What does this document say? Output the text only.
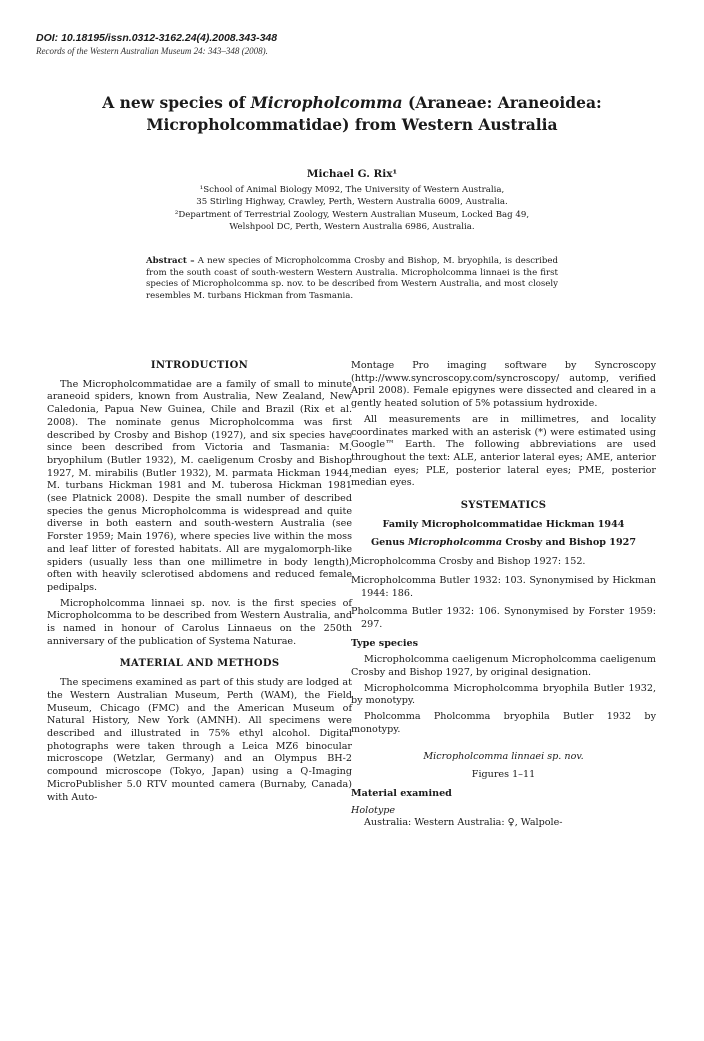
DOI: 10.18195/issn.0312-3162.24(4).2008.343-348
Records of the Western Australian Museum 24: 343–348 (2008).
A new species of Micropholcomma (Araneae: Araneoidea:
Micropholcommatidae) from Western Australia
Michael G. Rix¹
¹School of Animal Biology M092, The University of Western Australia,
35 Stirling Highway, Crawley, Perth, Western Australia 6009, Australia.
²Department of Terrestrial Zoology, Western Australian Museum, Locked Bag 49,
Welshpool DC, Perth, Western Australia 6986, Australia.
Abstract – A new species of Micropholcomma Crosby and Bishop, M. bryophila, is described from the south coast of south-western Western Australia. Micropholcomma linnaei is the first species of Micropholcomma sp. nov. to be described from Western Australia, and most closely resembles M. turbans Hickman from Tasmania.
INTRODUCTION

The Micropholcommatidae are a family of small to minute araneoid spiders, known from Australia, New Zealand, New Caledonia, Papua New Guinea, Chile and Brazil (Rix et al. 2008). The nominate genus Micropholcomma was first described by Crosby and Bishop (1927), and six species have since been described from Victoria and Tasmania: M. bryophilum (Butler 1932), M. caeligenum Crosby and Bishop 1927, M. mirabilis (Butler 1932), M. parmata Hickman 1944, M. turbans Hickman 1981 and M. tuberosa Hickman 1981 (see Platnick 2008). Despite the small number of described species the genus Micropholcomma is widespread and quite diverse in both eastern and south-western Australia (see Forster 1959; Main 1976), where species live within the moss and leaf litter of forested habitats. All are mygalomorph-like spiders (usually less than one millimetre in body length), often with heavily sclerotised abdomens and reduced female pedipalps.

Micropholcomma linnaei sp. nov. is the first species of Micropholcomma to be described from Western Australia, and is named in honour of Carolus Linnaeus on the 250th anniversary of the publication of Systema Naturae.

MATERIAL AND METHODS

The specimens examined as part of this study are lodged at the Western Australian Museum, Perth (WAM), the Field Museum, Chicago (FMC) and the American Museum of Natural History, New York (AMNH). All specimens were described and illustrated in 75% ethyl alcohol. Digital photographs were taken through a Leica MZ6 binocular microscope (Wetzlar, Germany) and an Olympus BH-2 compound microscope (Tokyo, Japan) using a Q-Imaging MicroPublisher 5.0 RTV mounted camera (Burnaby, Canada) with Auto-

Montage Pro imaging software by Syncroscopy (http://www.syncroscopy.com/syncroscopy/ automp, verified April 2008). Female epigynes were dissected and cleared in a gently heated solution of 5% potassium hydroxide.

All measurements are in millimetres, and locality coordinates marked with an asterisk (*) were estimated using Google™ Earth. The following abbreviations are used throughout the text: ALE, anterior lateral eyes; AME, anterior median eyes; PLE, posterior lateral eyes; PME, posterior median eyes.

SYSTEMATICS
Family Micropholcommatidae Hickman 1944
Genus Micropholcomma Crosby and Bishop 1927

Micropholcomma Crosby and Bishop 1927: 152.

Micropholcomma Butler 1932: 103. Synonymised by Hickman 1944: 186.

Pholcomma Butler 1932: 106. Synonymised by Forster 1959: 297.

Type species

Micropholcomma caeligenum Micropholcomma caeligenum Crosby and Bishop 1927, by original designation.

Micropholcomma Micropholcomma bryophila Butler 1932, by monotypy.

Pholcomma Pholcomma bryophila Butler 1932 by monotypy.

Micropholcomma linnaei sp. nov.
Figures 1–11
Material examined
Holotype

Australia: Western Australia: ♀, Walpole-
